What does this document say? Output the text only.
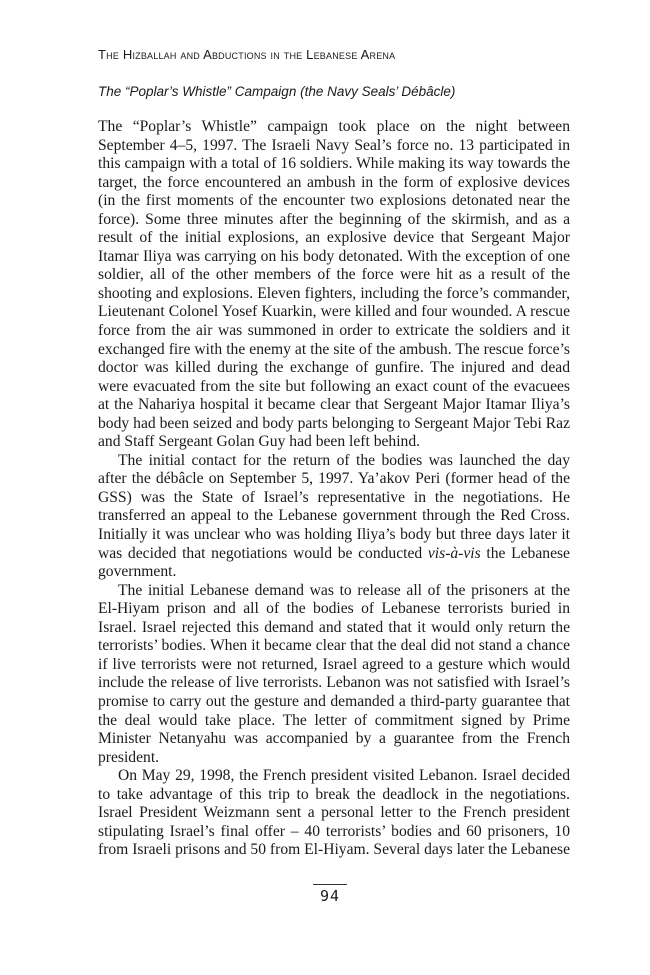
The Hizballah and Abductions in the Lebanese Arena
The “Poplar’s Whistle” Campaign (the Navy Seals’ Débâcle)

The “Poplar’s Whistle” campaign took place on the night between September 4–5, 1997. The Israeli Navy Seal’s force no. 13 participated in this campaign with a total of 16 soldiers. While making its way towards the target, the force encountered an ambush in the form of explosive devices (in the first moments of the encounter two explosions detonated near the force). Some three minutes after the beginning of the skirmish, and as a result of the initial explosions, an explosive device that Sergeant Major Itamar Iliya was carrying on his body detonated. With the exception of one soldier, all of the other members of the force were hit as a result of the shooting and explosions. Eleven fighters, including the force’s commander, Lieutenant Colonel Yosef Kuarkin, were killed and four wounded. A rescue force from the air was summoned in order to extricate the soldiers and it exchanged fire with the enemy at the site of the ambush. The rescue force’s doctor was killed during the exchange of gunfire. The injured and dead were evacuated from the site but following an exact count of the evacuees at the Nahariya hospital it became clear that Sergeant Major Itamar Iliya’s body had been seized and body parts belonging to Sergeant Major Tebi Raz and Staff Sergeant Golan Guy had been left behind.

The initial contact for the return of the bodies was launched the day after the débâcle on September 5, 1997. Ya’akov Peri (former head of the GSS) was the State of Israel’s representative in the negotiations. He transferred an appeal to the Lebanese government through the Red Cross. Initially it was unclear who was holding Iliya’s body but three days later it was decided that negotiations would be conducted vis-à-vis the Lebanese government.

The initial Lebanese demand was to release all of the prisoners at the El-Hiyam prison and all of the bodies of Lebanese terrorists buried in Israel. Israel rejected this demand and stated that it would only return the terrorists’ bodies. When it became clear that the deal did not stand a chance if live terrorists were not returned, Israel agreed to a gesture which would include the release of live terrorists. Lebanon was not satisfied with Israel’s promise to carry out the gesture and demanded a third-party guarantee that the deal would take place. The letter of commitment signed by Prime Minister Netanyahu was accompanied by a guarantee from the French president.

On May 29, 1998, the French president visited Lebanon. Israel decided to take advantage of this trip to break the deadlock in the negotiations. Israel President Weizmann sent a personal letter to the French president stipulating Israel’s final offer – 40 terrorists’ bodies and 60 prisoners, 10 from Israeli prisons and 50 from El-Hiyam. Several days later the Lebanese

94
